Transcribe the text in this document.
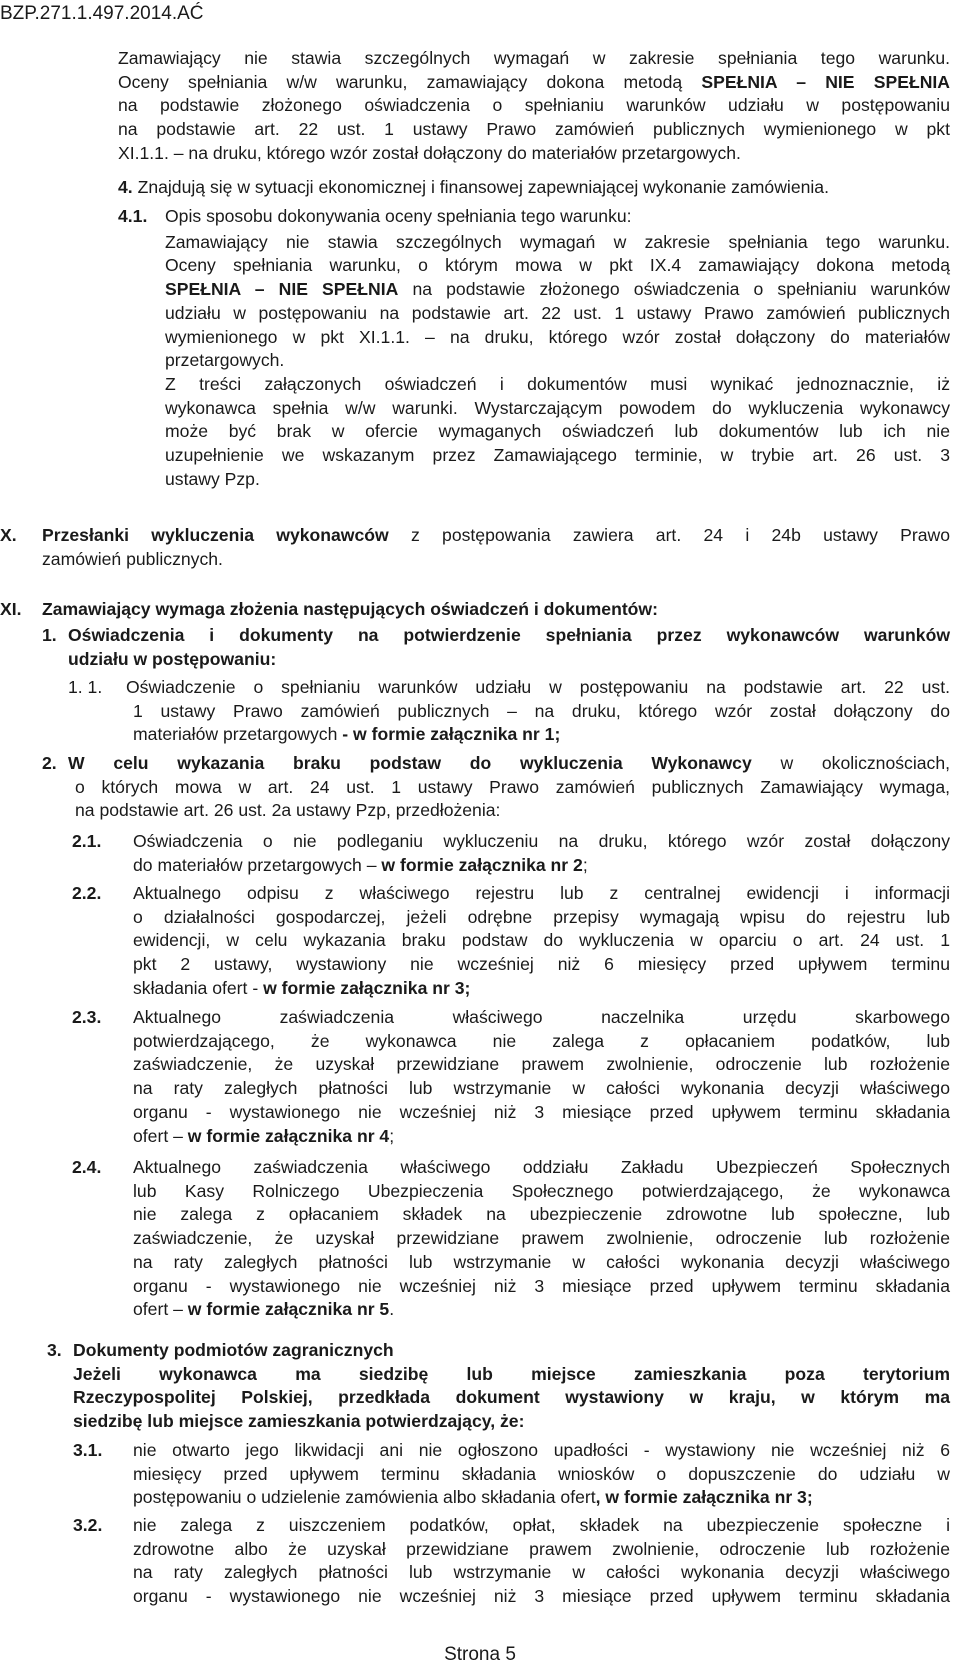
BZP.271.1.497.2014.AĆ

Zamawiający nie stawia szczególnych wymagań w zakresie spełniania tego warunku.

Oceny spełniania w/w warunku, zamawiający dokona metodą SPEŁNIA – NIE SPEŁNIA

na podstawie złożonego oświadczenia o spełnianiu warunków udziału w postępowaniu

na podstawie art. 22 ust. 1 ustawy Prawo zamówień publicznych wymienionego w pkt

XI.1.1. – na druku, którego wzór został dołączony do materiałów przetargowych.

4. Znajdują się w sytuacji ekonomicznej i finansowej zapewniającej wykonanie zamówienia.
4.1. Opis sposobu dokonywania oceny spełniania tego warunku:

Zamawiający nie stawia szczególnych wymagań w zakresie spełniania tego warunku.

Oceny spełniania warunku, o którym mowa w pkt IX.4 zamawiający dokona metodą

SPEŁNIA – NIE SPEŁNIA na podstawie złożonego oświadczenia o spełnianiu warunków

udziału w postępowaniu na podstawie art. 22 ust. 1 ustawy Prawo zamówień publicznych

wymienionego w pkt XI.1.1. – na druku, którego wzór został dołączony do materiałów

przetargowych.

Z treści załączonych oświadczeń i dokumentów musi wynikać jednoznacznie, iż

wykonawca spełnia w/w warunki. Wystarczającym powodem do wykluczenia wykonawcy

może być brak w ofercie wymaganych oświadczeń lub dokumentów lub ich nie

uzupełnienie we wskazanym przez Zamawiającego terminie, w trybie art. 26 ust. 3

ustawy Pzp.

X. Przesłanki wykluczenia wykonawców z postępowania zawiera art. 24 i 24b ustawy Prawo

zamówień publicznych.

XI. Zamawiający wymaga złożenia następujących oświadczeń i dokumentów:
1. Oświadczenia i dokumenty na potwierdzenie spełniania przez wykonawców warunków

udziału w postępowaniu:

1. 1. Oświadczenie o spełnianiu warunków udziału w postępowaniu na podstawie art. 22 ust.

1 ustawy Prawo zamówień publicznych – na druku, którego wzór został dołączony do

materiałów przetargowych - w formie załącznika nr 1;

2. W celu wykazania braku podstaw do wykluczenia Wykonawcy w okolicznościach,

o których mowa w art. 24 ust. 1 ustawy Prawo zamówień publicznych Zamawiający wymaga,

na podstawie art. 26 ust. 2a ustawy Pzp, przedłożenia:

2.1. Oświadczenia o nie podleganiu wykluczeniu na druku, którego wzór został dołączony

do materiałów przetargowych – w formie załącznika nr 2;

2.2. Aktualnego odpisu z właściwego rejestru lub z centralnej ewidencji i informacji

o działalności gospodarczej, jeżeli odrębne przepisy wymagają wpisu do rejestru lub

ewidencji, w celu wykazania braku podstaw do wykluczenia w oparciu o art. 24 ust. 1

pkt 2 ustawy, wystawiony nie wcześniej niż 6 miesięcy przed upływem terminu

składania ofert - w formie załącznika nr 3;

2.3. Aktualnego zaświadczenia właściwego naczelnika urzędu skarbowego

potwierdzającego, że wykonawca nie zalega z opłacaniem podatków, lub

zaświadczenie, że uzyskał przewidziane prawem zwolnienie, odroczenie lub rozłożenie

na raty zaległych płatności lub wstrzymanie w całości wykonania decyzji właściwego

organu - wystawionego nie wcześniej niż 3 miesiące przed upływem terminu składania

ofert – w formie załącznika nr 4;

2.4. Aktualnego zaświadczenia właściwego oddziału Zakładu Ubezpieczeń Społecznych

lub Kasy Rolniczego Ubezpieczenia Społecznego potwierdzającego, że wykonawca

nie zalega z opłacaniem składek na ubezpieczenie zdrowotne lub społeczne, lub

zaświadczenie, że uzyskał przewidziane prawem zwolnienie, odroczenie lub rozłożenie

na raty zaległych płatności lub wstrzymanie w całości wykonania decyzji właściwego

organu - wystawionego nie wcześniej niż 3 miesiące przed upływem terminu składania

ofert – w formie załącznika nr 5.

3. Dokumenty podmiotów zagranicznych

Jeżeli wykonawca ma siedzibę lub miejsce zamieszkania poza terytorium

Rzeczypospolitej Polskiej, przedkłada dokument wystawiony w kraju, w którym ma

siedzibę lub miejsce zamieszkania potwierdzający, że:

3.1. nie otwarto jego likwidacji ani nie ogłoszono upadłości - wystawiony nie wcześniej niż 6

miesięcy przed upływem terminu składania wniosków o dopuszczenie do udziału w

postępowaniu o udzielenie zamówienia albo składania ofert, w formie załącznika nr 3;

3.2. nie zalega z uiszczeniem podatków, opłat, składek na ubezpieczenie społeczne i

zdrowotne albo że uzyskał przewidziane prawem zwolnienie, odroczenie lub rozłożenie

na raty zaległych płatności lub wstrzymanie w całości wykonania decyzji właściwego

organu - wystawionego nie wcześniej niż 3 miesiące przed upływem terminu składania

Strona 5
